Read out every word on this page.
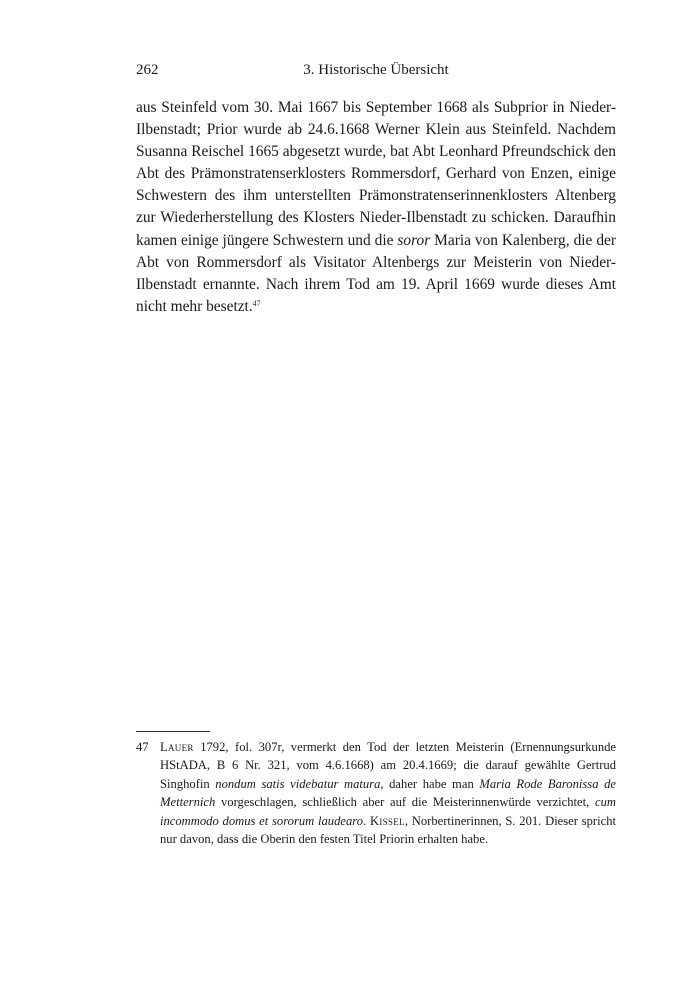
262	3. Historische Übersicht

aus Steinfeld vom 30. Mai 1667 bis September 1668 als Subprior in Nieder-Ilbenstadt; Prior wurde ab 24.6.1668 Werner Klein aus Steinfeld. Nachdem Susanna Reischel 1665 abgesetzt wurde, bat Abt Leonhard Pfreundschick den Abt des Prämonstratenserklosters Rommersdorf, Gerhard von Enzen, einige Schwestern des ihm unterstellten Prämonstratenserinnenklosters Altenberg zur Wiederherstellung des Klosters Nieder-Ilbenstadt zu schicken. Daraufhin kamen einige jüngere Schwestern und die soror Maria von Kalenberg, die der Abt von Rommersdorf als Visitator Altenbergs zur Meisterin von Nieder-Ilbenstadt ernannte. Nach ihrem Tod am 19. April 1669 wurde dieses Amt nicht mehr besetzt.$^{47}$

47 Lauer 1792, fol. 307r, vermerkt den Tod der letzten Meisterin (Ernennungsurkunde HStADA, B 6 Nr. 321, vom 4.6.1668) am 20.4.1669; die darauf gewählte Gertrud Singhofin nondum satis videbatur matura, daher habe man Maria Rode Baronissa de Metternich vorgeschlagen, schließlich aber auf die Meisterinnenwürde verzichtet, cum incommodo domus et sororum laudearo. Kissel, Norbertinerinnen, S. 201. Dieser spricht nur davon, dass die Oberin den festen Titel Priorin erhalten habe.
